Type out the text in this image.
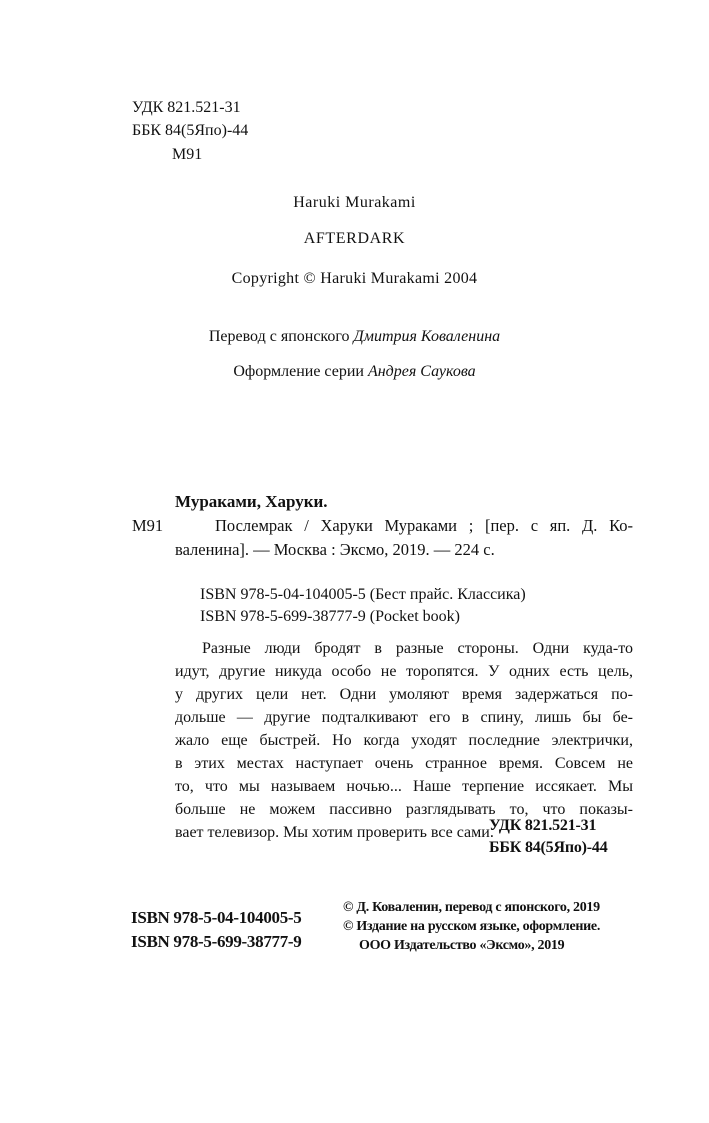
УДК 821.521-31
ББК 84(5Япо)-44
М91
Haruki Murakami
AFTERDARK
Copyright © Haruki Murakami 2004
Перевод с японского Дмитрия Коваленина
Оформление серии Андрея Саукова
Мураками, Харуки.
М91	Послемрак / Харуки Мураками ; [пер. с яп. Д. Ко-
валенина]. — Москва : Эксмо, 2019. — 224 с.
ISBN 978-5-04-104005-5 (Бест прайс. Классика)
ISBN 978-5-699-38777-9 (Pocket book)
Разные люди бродят в разные стороны. Одни куда-то
идут, другие никуда особо не торопятся. У одних есть цель,
у других цели нет. Одни умоляют время задержаться по-
дольше — другие подталкивают его в спину, лишь бы бе-
жало еще быстрей. Но когда уходят последние электрички,
в этих местах наступает очень странное время. Совсем не
то, что мы называем ночью... Наше терпение иссякает. Мы
больше не можем пассивно разглядывать то, что показы-
вает телевизор. Мы хотим проверить все сами.
УДК 821.521-31
ББК 84(5Япо)-44
ISBN 978-5-04-104005-5
ISBN 978-5-699-38777-9
© Д. Коваленин, перевод с японского, 2019
© Издание на русском языке, оформление.
ООО Издательство «Эксмо», 2019
